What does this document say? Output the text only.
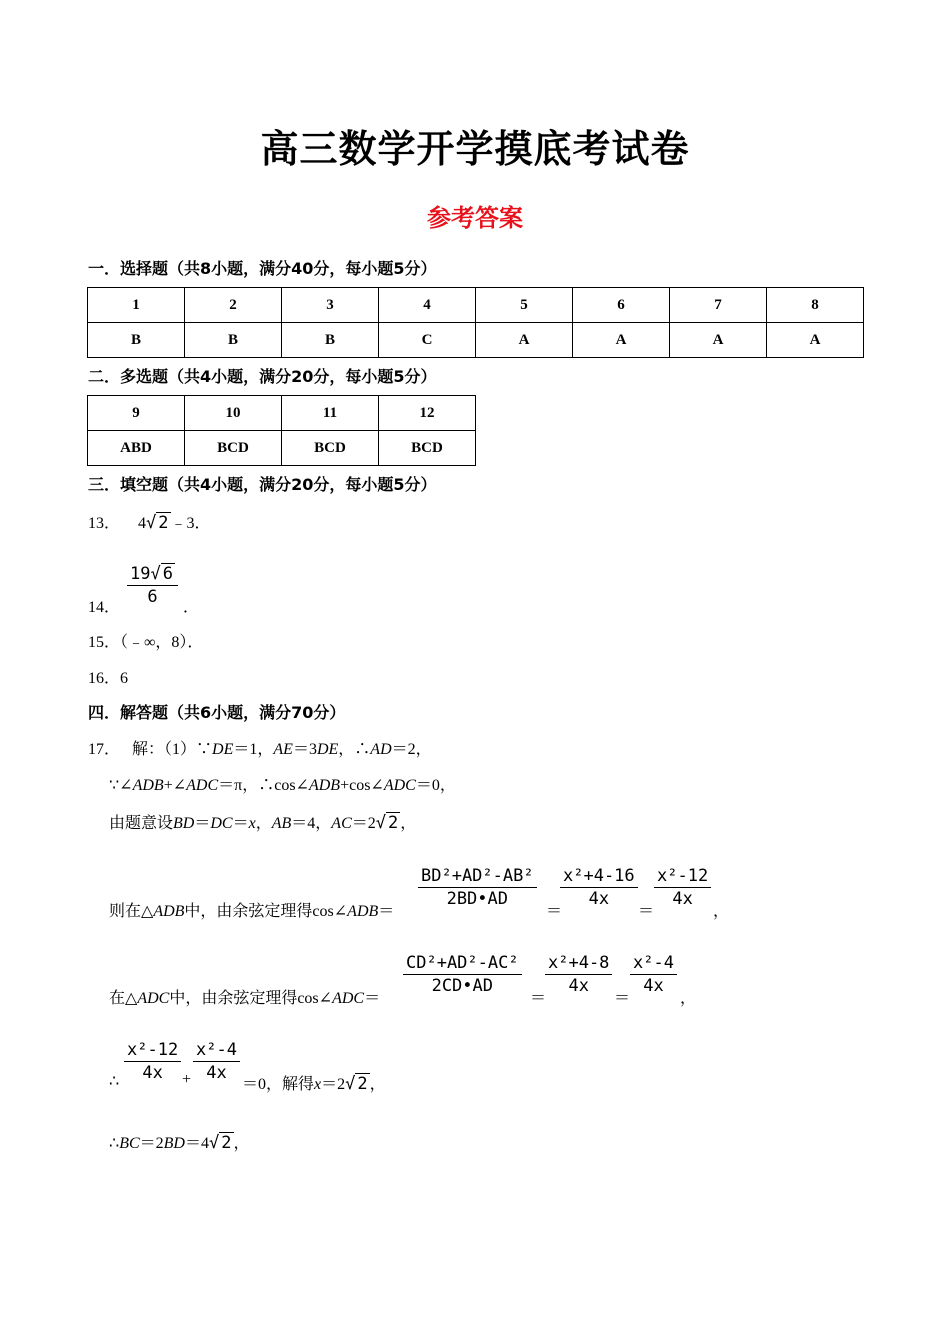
高三数学开学摸底考试卷
参考答案
一．选择题（共8小题，满分40分，每小题5分）
1	2	3	4	5	6	7	8
B	B	B	C	A	A	A	A
二．多选题（共4小题，满分20分，每小题5分）
9	10	11	12
ABD	BCD	BCD	BCD
三．填空题（共4小题，满分20分，每小题5分）
13． 4√ 2 ﹣3．
14．
$\frac{19√ 6}{6}$
．
15．（﹣∞，8）．
16．6
四．解答题（共6小题，满分70分）
17． 解：（1）∵DE＝1，AE＝3DE，∴AD＝2，
∵∠ADB+∠ADC＝π，∴cos∠ADB+cos∠ADC＝0，
由题意设BD＝DC＝x，AB＝4，AC＝2√ 2 ，
则在△ADB中，由余弦定理得cos∠ADB＝
$\frac{\text{BD²+AD²-AB²}}{2BD•AD}$
＝
$\frac{\text{x²+4-16}}{4x}$
＝
$\frac{\text{x²-12}}{4x}$
，
在△ADC中，由余弦定理得cos∠ADC＝
$\frac{\text{CD²+AD²-AC²}}{2CD•AD}$
＝
$\frac{\text{x²+4-8}}{4x}$
＝
$\frac{\text{x²-4}}{4x}$
，
∴ $\frac{\text{x²-12}}{4x} + \frac{\text{x²-4}}{4x}$
＝0，解得x＝2√ 2 ，
∴BC＝2BD＝4√ 2 ，
